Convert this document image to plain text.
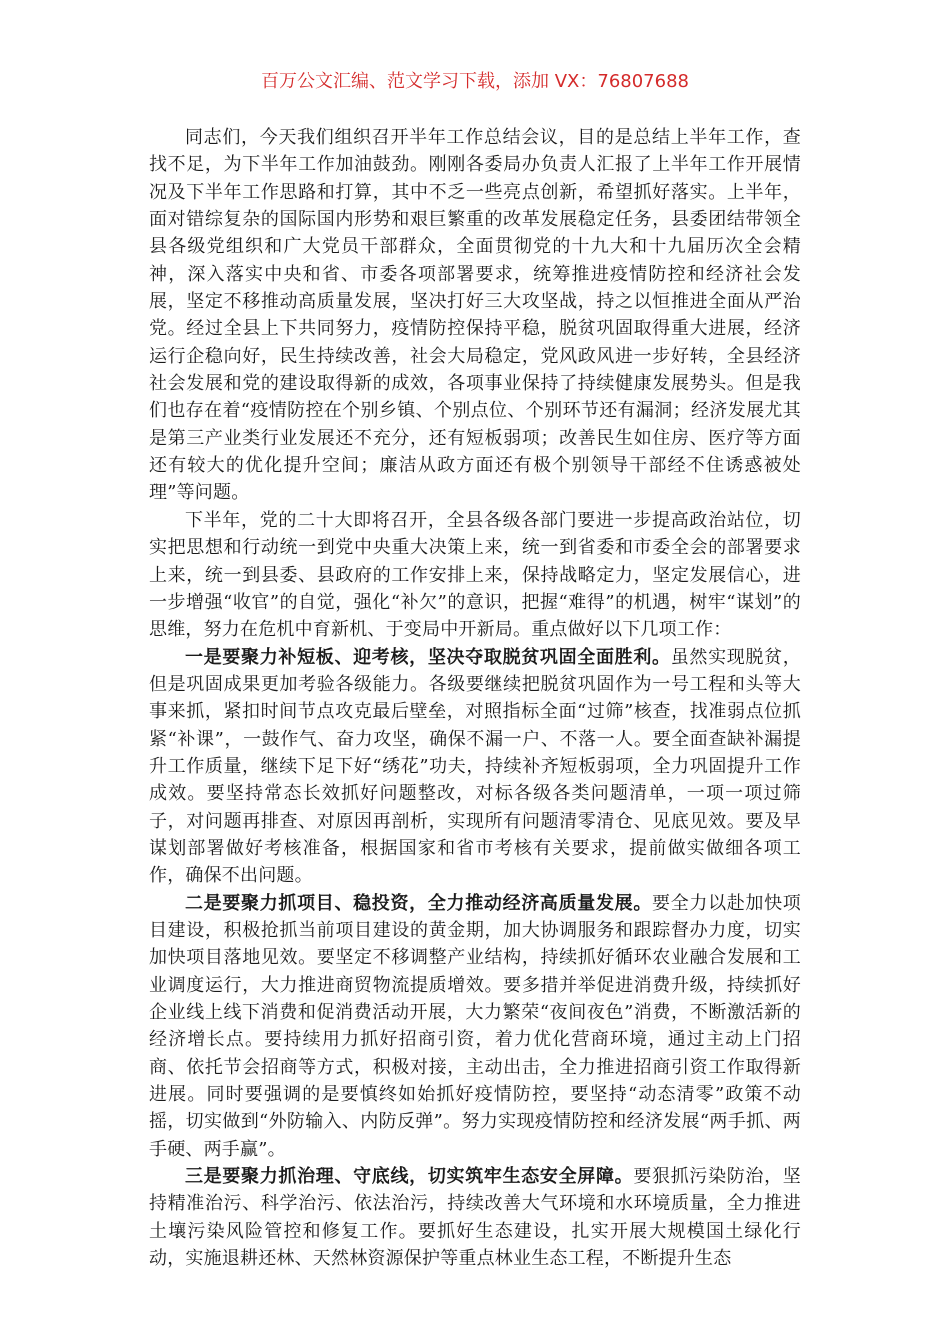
百万公文汇编、范文学习下载，添加 VX：76807688

同志们，今天我们组织召开半年工作总结会议，目的是总结上半年工作，查找不足，为下半年工作加油鼓劲。刚刚各委局办负责人汇报了上半年工作开展情况及下半年工作思路和打算，其中不乏一些亮点创新，希望抓好落实。上半年，面对错综复杂的国际国内形势和艰巨繁重的改革发展稳定任务，县委团结带领全县各级党组织和广大党员干部群众，全面贯彻党的十九大和十九届历次全会精神，深入落实中央和省、市委各项部署要求，统筹推进疫情防控和经济社会发展，坚定不移推动高质量发展，坚决打好三大攻坚战，持之以恒推进全面从严治党。经过全县上下共同努力，疫情防控保持平稳，脱贫巩固取得重大进展，经济运行企稳向好，民生持续改善，社会大局稳定，党风政风进一步好转，全县经济社会发展和党的建设取得新的成效，各项事业保持了持续健康发展势头。但是我们也存在着“疫情防控在个别乡镇、个别点位、个别环节还有漏洞；经济发展尤其是第三产业类行业发展还不充分，还有短板弱项；改善民生如住房、医疗等方面还有较大的优化提升空间；廉洁从政方面还有极个别领导干部经不住诱惑被处理”等问题。

下半年，党的二十大即将召开，全县各级各部门要进一步提高政治站位，切实把思想和行动统一到党中央重大决策上来，统一到省委和市委全会的部署要求上来，统一到县委、县政府的工作安排上来，保持战略定力，坚定发展信心，进一步增强“收官”的自觉，强化“补欠”的意识，把握“难得”的机遇，树牢“谋划”的思维，努力在危机中育新机、于变局中开新局。重点做好以下几项工作：

一是要聚力补短板、迎考核，坚决夺取脱贫巩固全面胜利。虽然实现脱贫，但是巩固成果更加考验各级能力。各级要继续把脱贫巩固作为一号工程和头等大事来抓，紧扣时间节点攻克最后壁垒，对照指标全面“过筛”核查，找准弱点位抓紧“补课”，一鼓作气、奋力攻坚，确保不漏一户、不落一人。要全面查缺补漏提升工作质量，继续下足下好“绣花”功夫，持续补齐短板弱项，全力巩固提升工作成效。要坚持常态长效抓好问题整改，对标各级各类问题清单，一项一项过筛子，对问题再排查、对原因再剖析，实现所有问题清零清仓、见底见效。要及早谋划部署做好考核准备，根据国家和省市考核有关要求，提前做实做细各项工作，确保不出问题。

二是要聚力抓项目、稳投资，全力推动经济高质量发展。要全力以赴加快项目建设，积极抢抓当前项目建设的黄金期，加大协调服务和跟踪督办力度，切实加快项目落地见效。要坚定不移调整产业结构，持续抓好循环农业融合发展和工业调度运行，大力推进商贸物流提质增效。要多措并举促进消费升级，持续抓好企业线上线下消费和促消费活动开展，大力繁荣“夜间夜色”消费，不断激活新的经济增长点。要持续用力抓好招商引资，着力优化营商环境，通过主动上门招商、依托节会招商等方式，积极对接，主动出击，全力推进招商引资工作取得新进展。同时要强调的是要慎终如始抓好疫情防控，要坚持“动态清零”政策不动摇，切实做到“外防输入、内防反弹”。努力实现疫情防控和经济发展“两手抓、两手硬、两手赢”。

三是要聚力抓治理、守底线，切实筑牢生态安全屏障。要狠抓污染防治，坚持精准治污、科学治污、依法治污，持续改善大气环境和水环境质量，全力推进土壤污染风险管控和修复工作。要抓好生态建设，扎实开展大规模国土绿化行动，实施退耕还林、天然林资源保护等重点林业生态工程，不断提升生态
